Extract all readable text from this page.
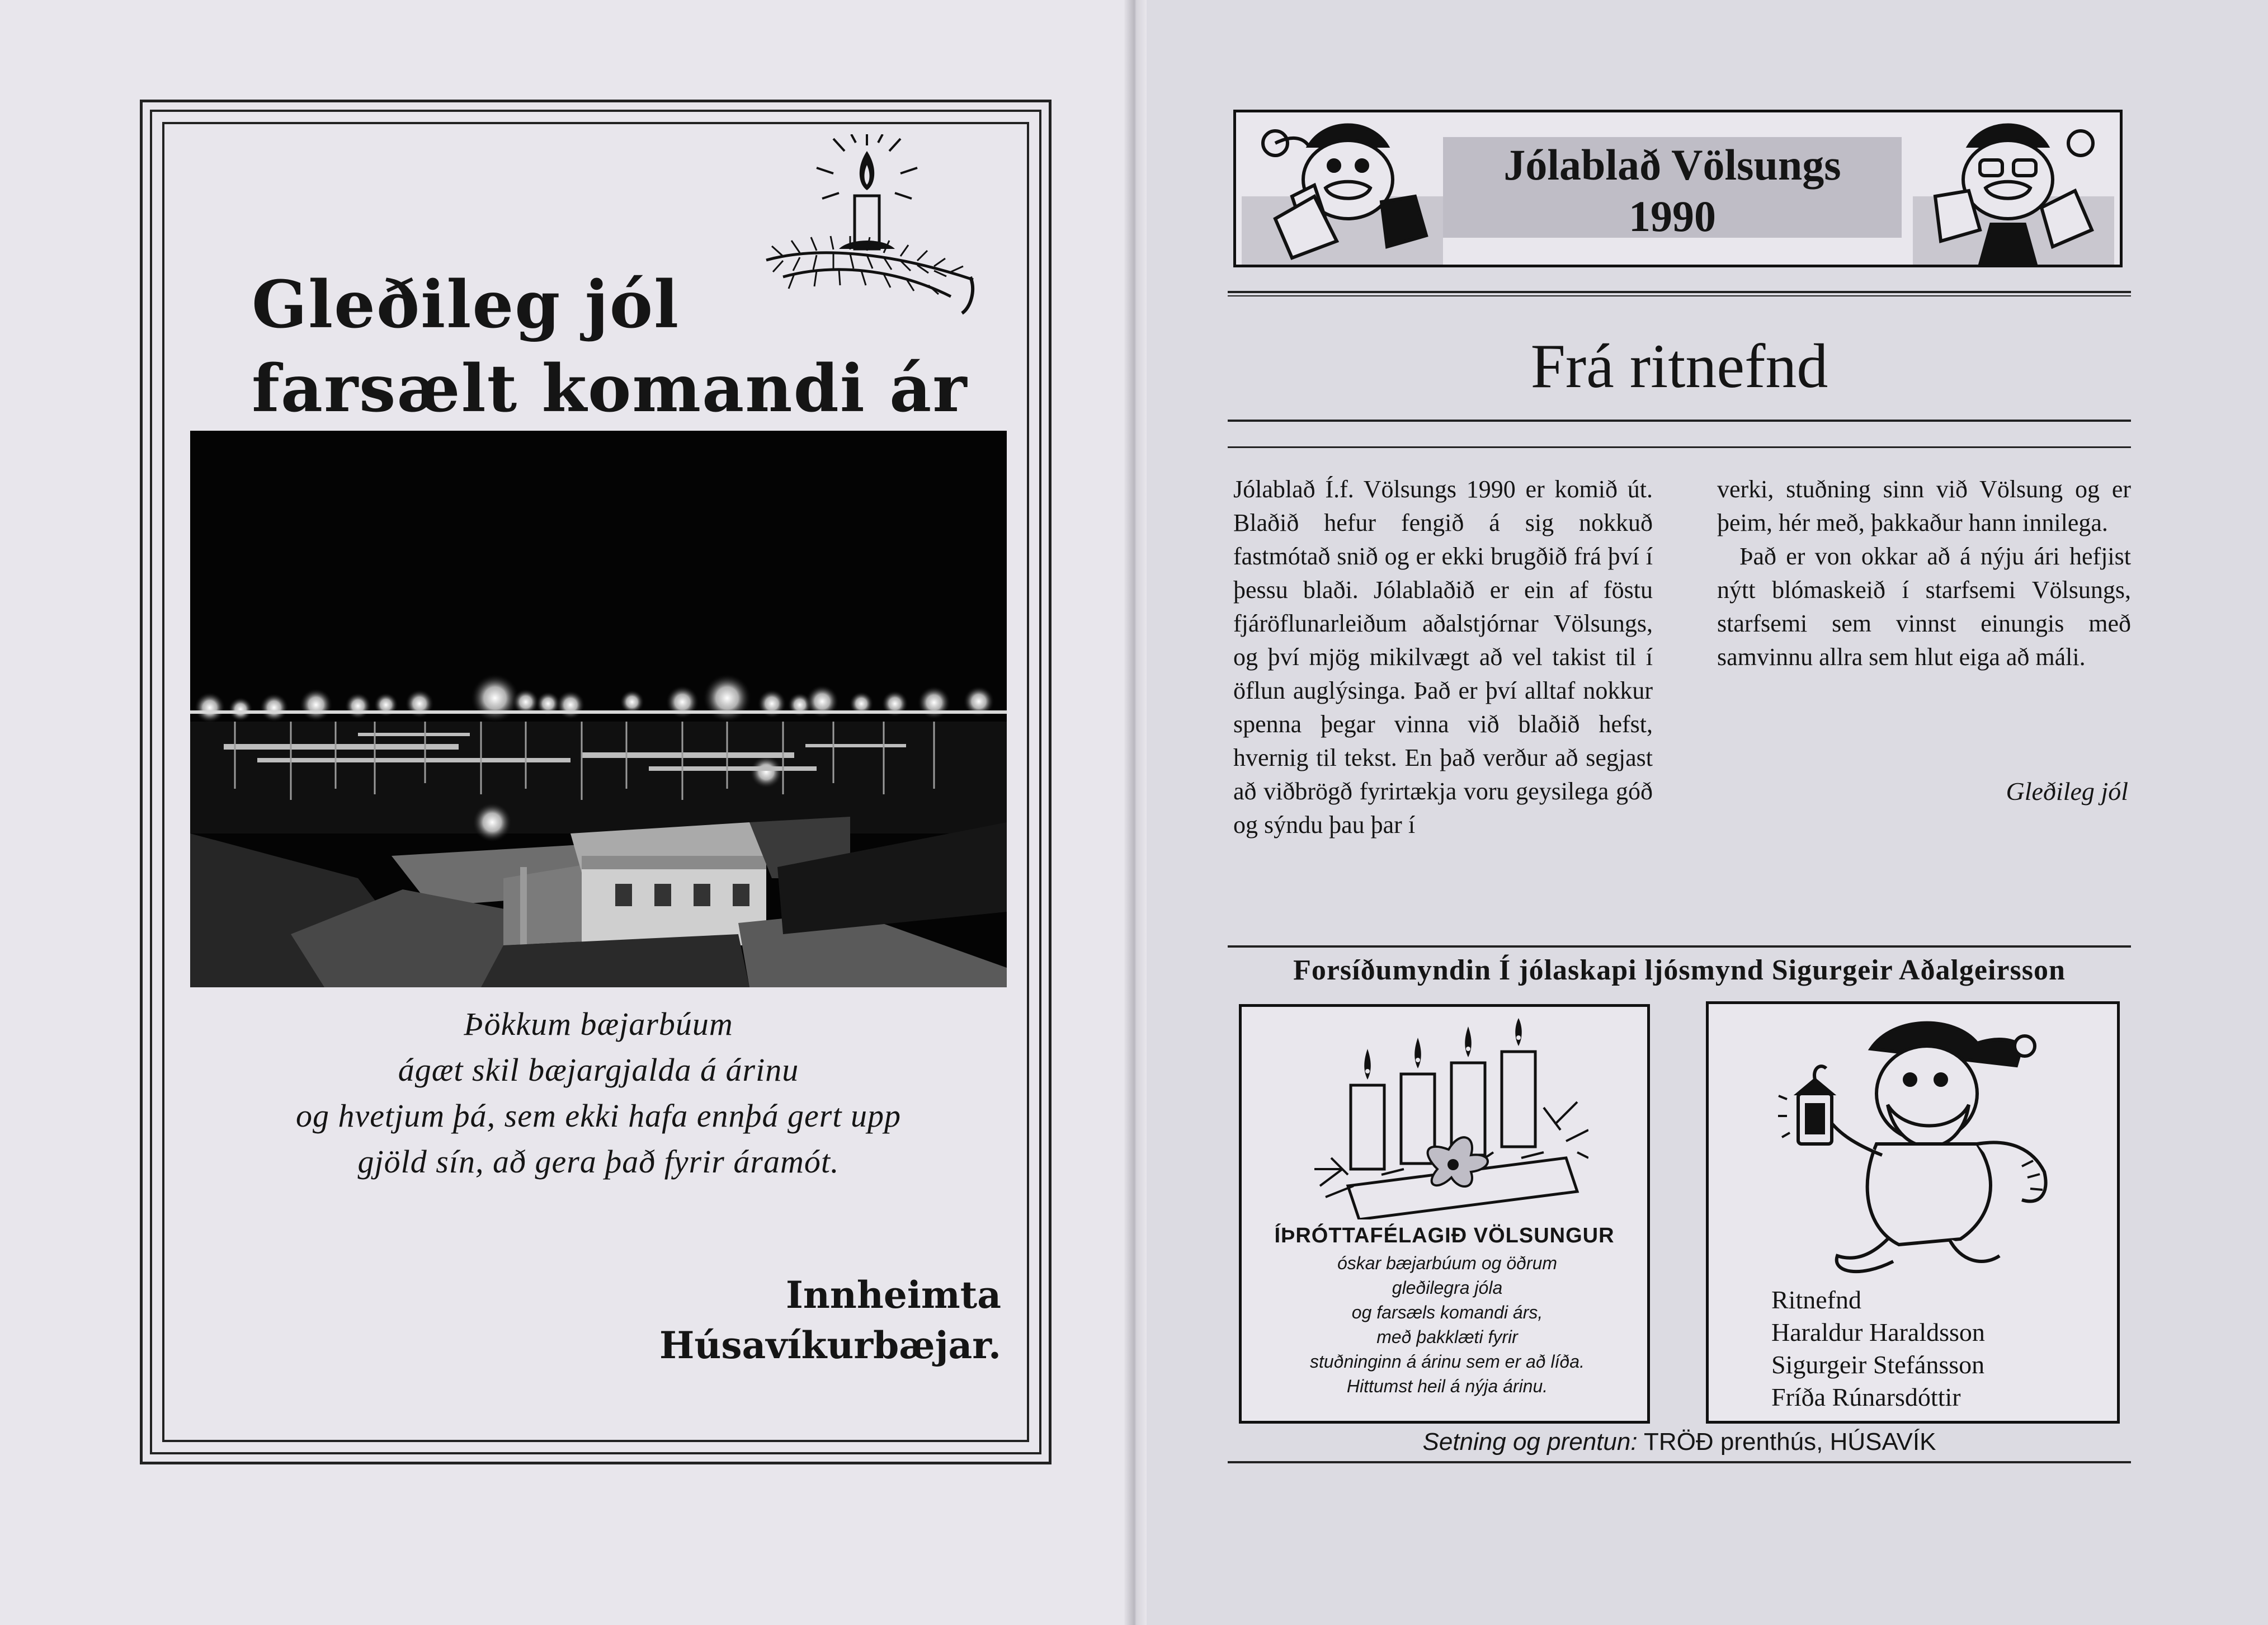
Gleðileg jól
farsælt komandi ár
Þökkum bæjarbúum
ágæt skil bæjargjalda á árinu
og hvetjum þá, sem ekki hafa ennþá gert upp
gjöld sín, að gera það fyrir áramót.
Innheimta
Húsavíkurbæjar.
Jólablað Völsungs
1990
Frá ritnefnd

Jólablað Í.f. Völsungs 1990 er komið út. Blaðið hefur fengið á sig nokkuð fastmótað snið og er ekki brugðið frá því í þessu blaði. Jólablaðið er ein af föstu fjáröflunarleiðum aðalstjórnar Völsungs, og því mjög mikilvægt að vel takist til í öflun auglýsinga. Það er því alltaf nokkur spenna þegar vinna við blaðið hefst, hvernig til tekst. En það verður að segjast að viðbrögð fyrirtækja voru geysilega góð og sýndu þau þar í

verki, stuðning sinn við Völsung og er þeim, hér með, þakkaður hann innilega.

Það er von okkar að á nýju ári hefjist nýtt blómaskeið í starfsemi Völsungs, starfsemi sem vinnst einungis með samvinnu allra sem hlut eiga að máli.

Gleðileg jól
Forsíðumyndin Í jólaskapi ljósmynd Sigurgeir Aðalgeirsson
ÍÞRÓTTAFÉLAGIÐ VÖLSUNGUR
óskar bæjarbúum og öðrum
gleðilegra jóla
og farsæls komandi árs,
með þakklæti fyrir
stuðninginn á árinu sem er að líða.
Hittumst heil á nýja árinu.
Ritnefnd
Haraldur Haraldsson
Sigurgeir Stefánsson
Fríða Rúnarsdóttir
Setning og prentun: TRÖÐ prenthús, HÚSAVÍK
